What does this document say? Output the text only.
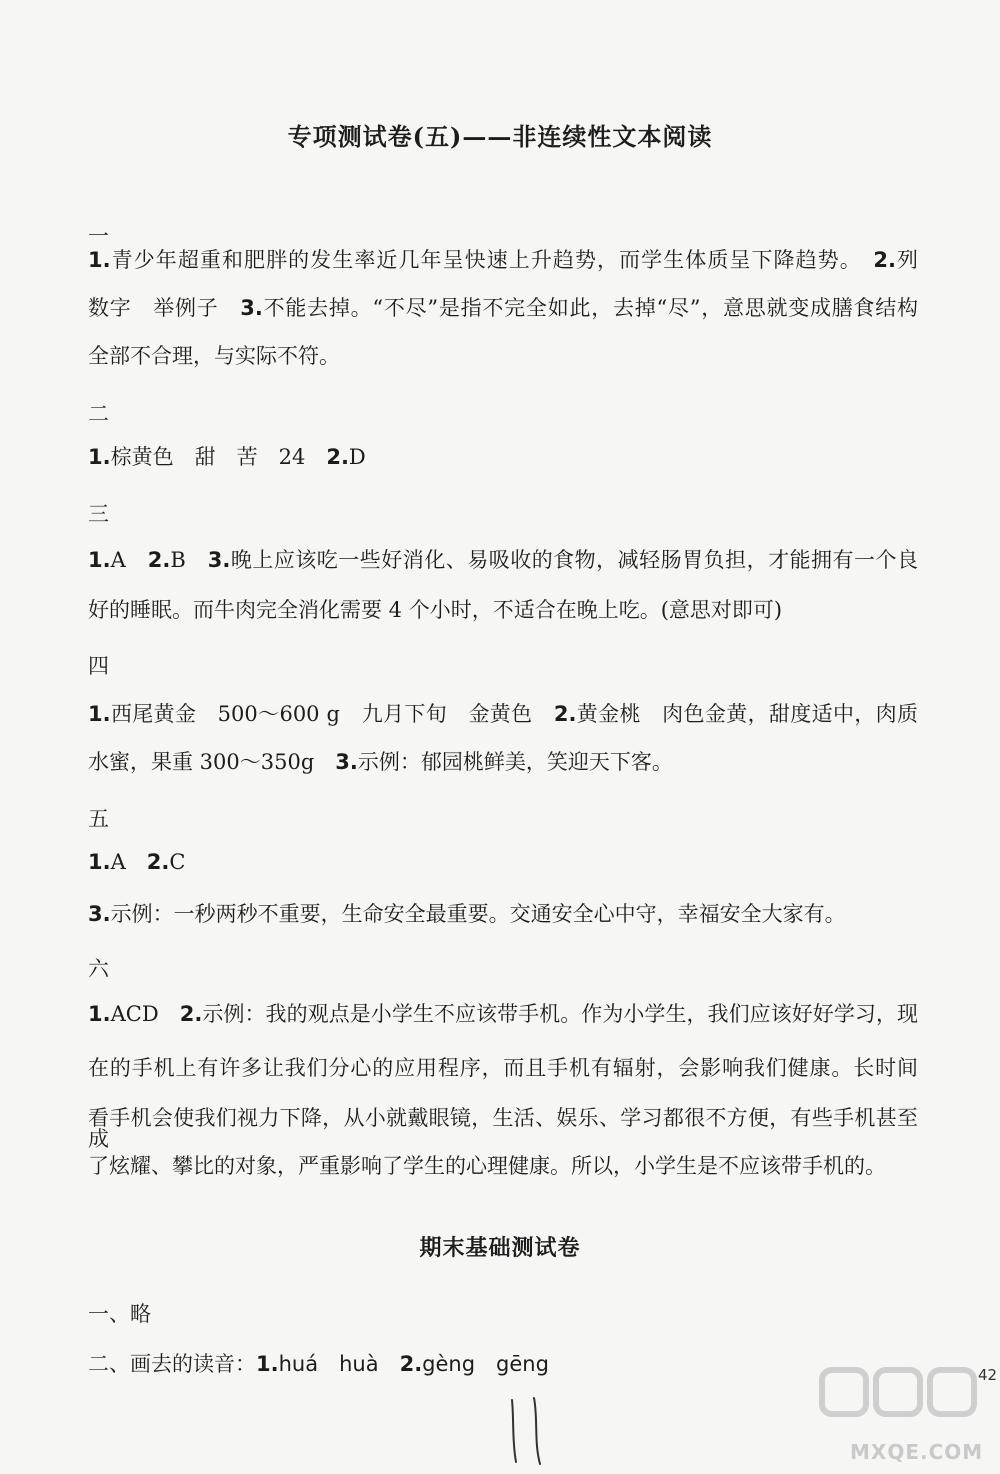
专项测试卷(五)——非连续性文本阅读
一
1.青少年超重和肥胖的发生率近几年呈快速上升趋势，而学生体质呈下降趋势。　 2.列
数字　举例子　3.不能去掉。“不尽”是指不完全如此，去掉“尽”，意思就变成膳食结构
全部不合理，与实际不符。
二
1.棕黄色　甜　苦　24　2.D
三
1.A　2.B　3.晚上应该吃一些好消化、易吸收的食物，减轻肠胃负担，才能拥有一个良
好的睡眠。而牛肉完全消化需要 4 个小时，不适合在晚上吃。(意思对即可)
四
1.西尾黄金　500～600 g　九月下旬　金黄色　2.黄金桃　肉色金黄，甜度适中，肉质
水蜜，果重 300～350g　3.示例：郁园桃鲜美，笑迎天下客。
五
1.A　2.C
3.示例：一秒两秒不重要，生命安全最重要。交通安全心中守，幸福安全大家有。
六
1.ACD　2.示例：我的观点是小学生不应该带手机。作为小学生，我们应该好好学习，现
在的手机上有许多让我们分心的应用程序，而且手机有辐射，会影响我们健康。长时间
看手机会使我们视力下降，从小就戴眼镜，生活、娱乐、学习都很不方便，有些手机甚至成
了炫耀、攀比的对象，严重影响了学生的心理健康。所以，小学生是不应该带手机的。
期末基础测试卷
一、略
二、画去的读音：1.huá　huà　2.gèng　gēng
MXQE.COM
42
